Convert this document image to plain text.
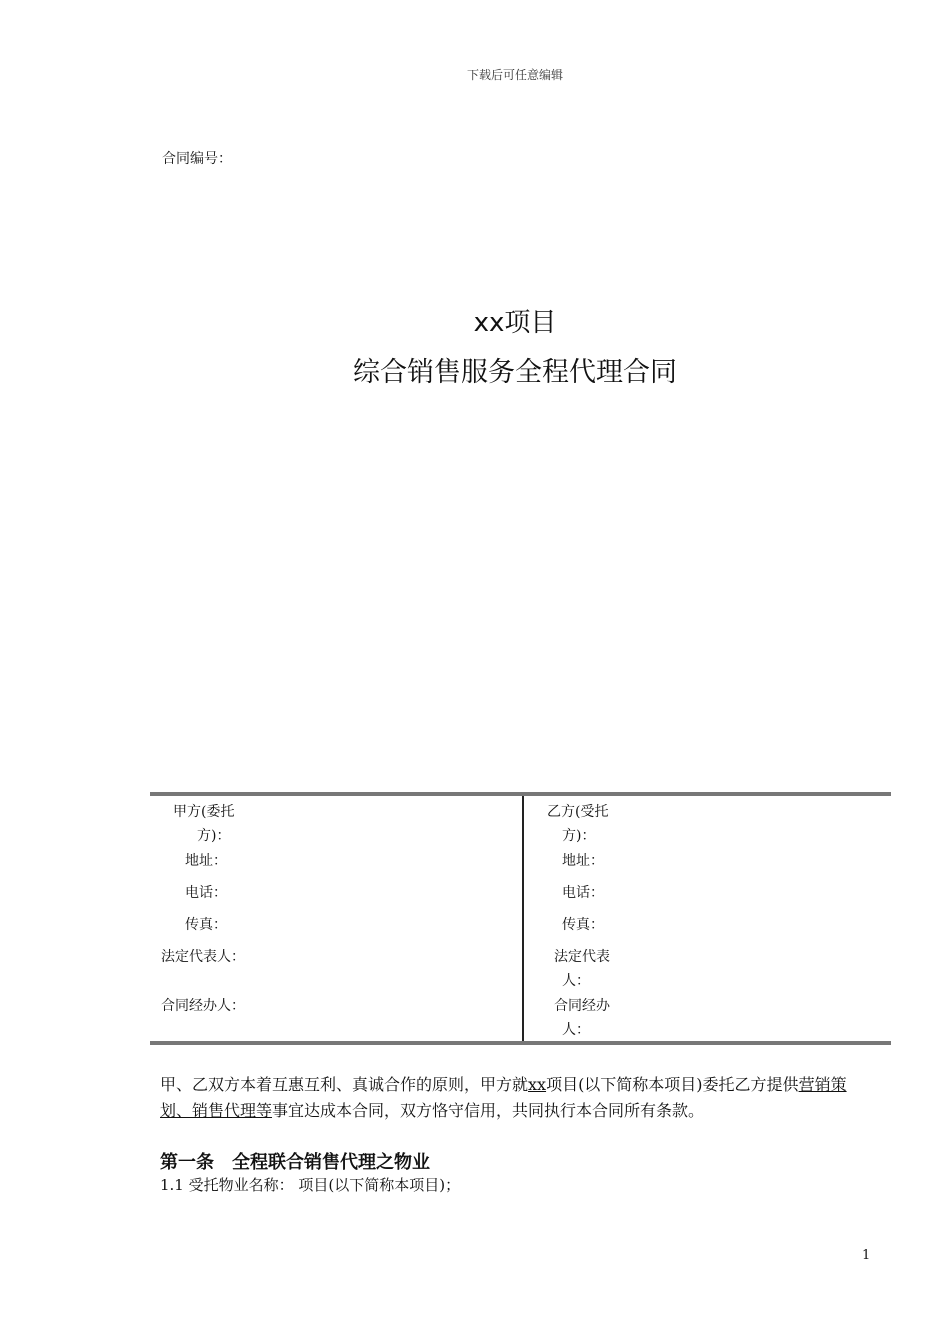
下载后可任意编辑
合同编号：
xx项目
综合销售服务全程代理合同
甲方(委托
方)：
地址：
电话：
传真：
法定代表人：
合同经办人：
乙方(受托
方)：
地址：
电话：
传真：
法定代表
人：
合同经办
人：
甲、乙双方本着互惠互利、真诚合作的原则，甲方就xx项目(以下简称本项目)委托乙方提供营销策划、销售代理等事宜达成本合同，双方恪守信用，共同执行本合同所有条款。
第一条　全程联合销售代理之物业
1.1 受托物业名称： 项目(以下简称本项目)；
1
